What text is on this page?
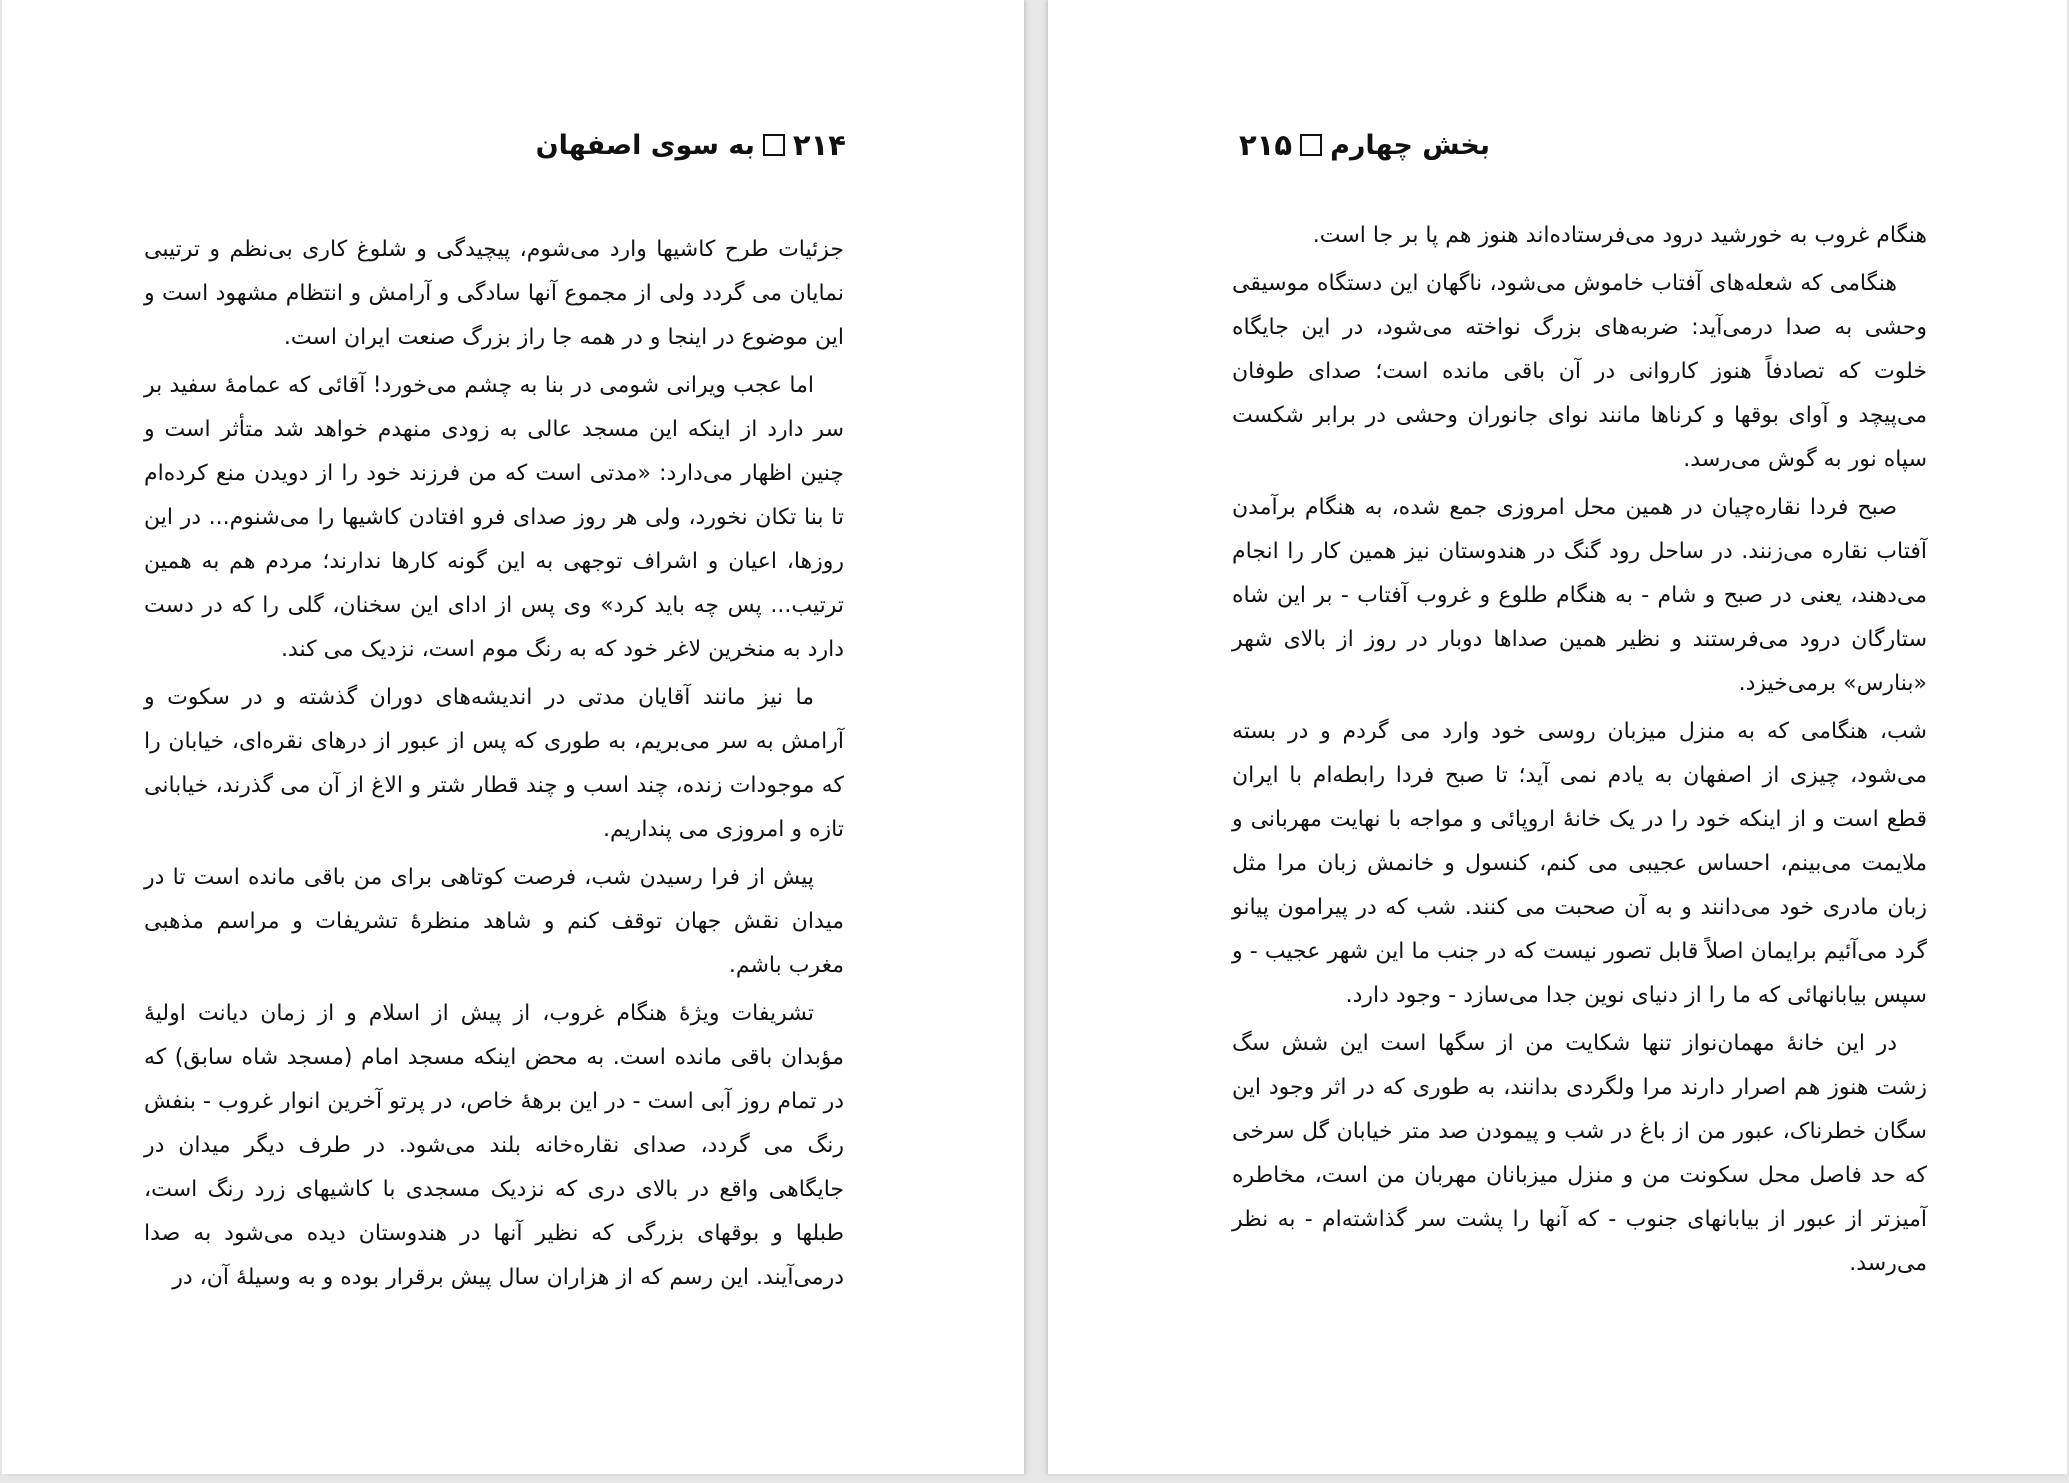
۲۱۴
به سوی اصفهان

جزئیات طرح کاشیها وارد می‌شوم، پیچیدگی و شلوغ کاری بی‌نظم و ترتیبی نمایان می گردد ولی از مجموع آنها سادگی و آرامش و انتظام مشهود است و این موضوع در اینجا و در همه جا راز بزرگ صنعت ایران است.

اما عجب ویرانی شومی در بنا به چشم می‌خورد! آقائی که عمامهٔ سفید بر سر دارد از اینکه این مسجد عالی به زودی منهدم خواهد شد متأثر است و چنین اظهار می‌دارد: «مدتی است که من فرزند خود را از دویدن منع کرده‌ام تا بنا تکان نخورد، ولی هر روز صدای فرو افتادن کاشیها را می‌شنوم... در این روزها، اعیان و اشراف توجهی به این گونه کارها ندارند؛ مردم هم به همین ترتیب... پس چه باید کرد» وی پس از ادای این سخنان، گلی را که در دست دارد به منخرین لاغر خود که به رنگ موم است، نزدیک می کند.

ما نیز مانند آقایان مدتی در اندیشه‌های دوران گذشته و در سکوت و آرامش به سر می‌بریم، به طوری که پس از عبور از درهای نقره‌ای، خیابان را که موجودات زنده، چند اسب و چند قطار شتر و الاغ از آن می گذرند، خیابانی تازه و امروزی می پنداریم.

پیش از فرا رسیدن شب، فرصت کوتاهی برای من باقی مانده است تا در میدان نقش جهان توقف کنم و شاهد منظرهٔ تشریفات و مراسم مذهبی مغرب باشم.

تشریفات ویژهٔ هنگام غروب، از پیش از اسلام و از زمان دیانت اولیهٔ مؤبدان باقی مانده است. به محض اینکه مسجد امام (مسجد شاه سابق) که در تمام روز آبی است - در این برههٔ خاص، در پرتو آخرین انوار غروب - بنفش رنگ می گردد، صدای نقاره‌خانه بلند می‌شود. در طرف دیگر میدان در جایگاهی واقع در بالای دری که نزدیک مسجدی با کاشیهای زرد رنگ است، طبلها و بوقهای بزرگی که نظیر آنها در هندوستان دیده می‌شود به صدا درمی‌آیند. این رسم که از هزاران سال پیش برقرار بوده و به وسیلهٔ آن، در

بخش چهارم
۲۱۵

هنگام غروب به خورشید درود می‌فرستاده‌اند هنوز هم پا بر جا است.

هنگامی که شعله‌های آفتاب خاموش می‌شود، ناگهان این دستگاه موسیقی وحشی به صدا درمی‌آید: ضربه‌های بزرگ نواخته می‌شود، در این جایگاه خلوت که تصادفاً هنوز کاروانی در آن باقی مانده است؛ صدای طوفان می‌پیچد و آوای بوقها و کرناها مانند نوای جانوران وحشی در برابر شکست سپاه نور به گوش می‌رسد.

صبح فردا نقاره‌چیان در همین محل امروزی جمع شده، به هنگام برآمدن آفتاب نقاره می‌زنند. در ساحل رود گنگ در هندوستان نیز همین کار را انجام می‌دهند، یعنی در صبح و شام - به هنگام طلوع و غروب آفتاب - بر این شاه ستارگان درود می‌فرستند و نظیر همین صداها دوبار در روز از بالای شهر «بنارس» برمی‌خیزد.

شب، هنگامی که به منزل میزبان روسی خود وارد می گردم و در بسته می‌شود، چیزی از اصفهان به یادم نمی آید؛ تا صبح فردا رابطه‌ام با ایران قطع است و از اینکه خود را در یک خانهٔ اروپائی و مواجه با نهایت مهربانی و ملایمت می‌بینم، احساس عجیبی می کنم، کنسول و خانمش زبان مرا مثل زبان مادری خود می‌دانند و به آن صحبت می کنند. شب که در پیرامون پیانو گرد می‌آئیم برایمان اصلاً قابل تصور نیست که در جنب ما این شهر عجیب - و سپس بیابانهائی که ما را از دنیای نوین جدا می‌سازد - وجود دارد.

در این خانهٔ مهمان‌نواز تنها شکایت من از سگها است این شش سگ زشت هنوز هم اصرار دارند مرا ولگردی بدانند، به طوری که در اثر وجود این سگان خطرناک، عبور من از باغ در شب و پیمودن صد متر خیابان گل سرخی که حد فاصل محل سکونت من و منزل میزبانان مهربان من است، مخاطره آمیزتر از عبور از بیابانهای جنوب - که آنها را پشت سر گذاشته‌ام - به نظر می‌رسد.
